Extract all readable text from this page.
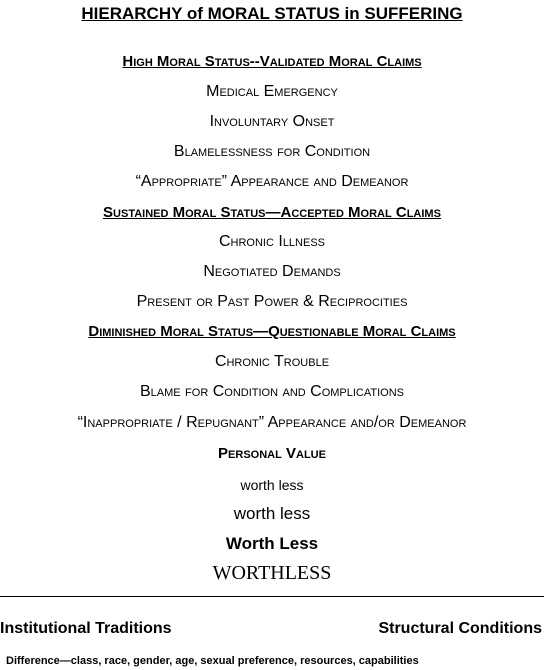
HIERARCHY of MORAL STATUS in SUFFERING
High Moral Status--Validated Moral Claims
Medical Emergency
Involuntary Onset
Blamelessness for Condition
“Appropriate” Appearance and Demeanor
Sustained Moral Status—Accepted Moral Claims
Chronic Illness
Negotiated Demands
Present or Past Power & Reciprocities
Diminished Moral Status—Questionable Moral Claims
Chronic Trouble
Blame for Condition and Complications
“Inappropriate / Repugnant” Appearance and/or Demeanor
Personal Value
worth less
worth less
Worth Less
WORTHLESS
Institutional Traditions	Structural Conditions
Difference—class, race, gender, age, sexual preference, resources, capabilities
